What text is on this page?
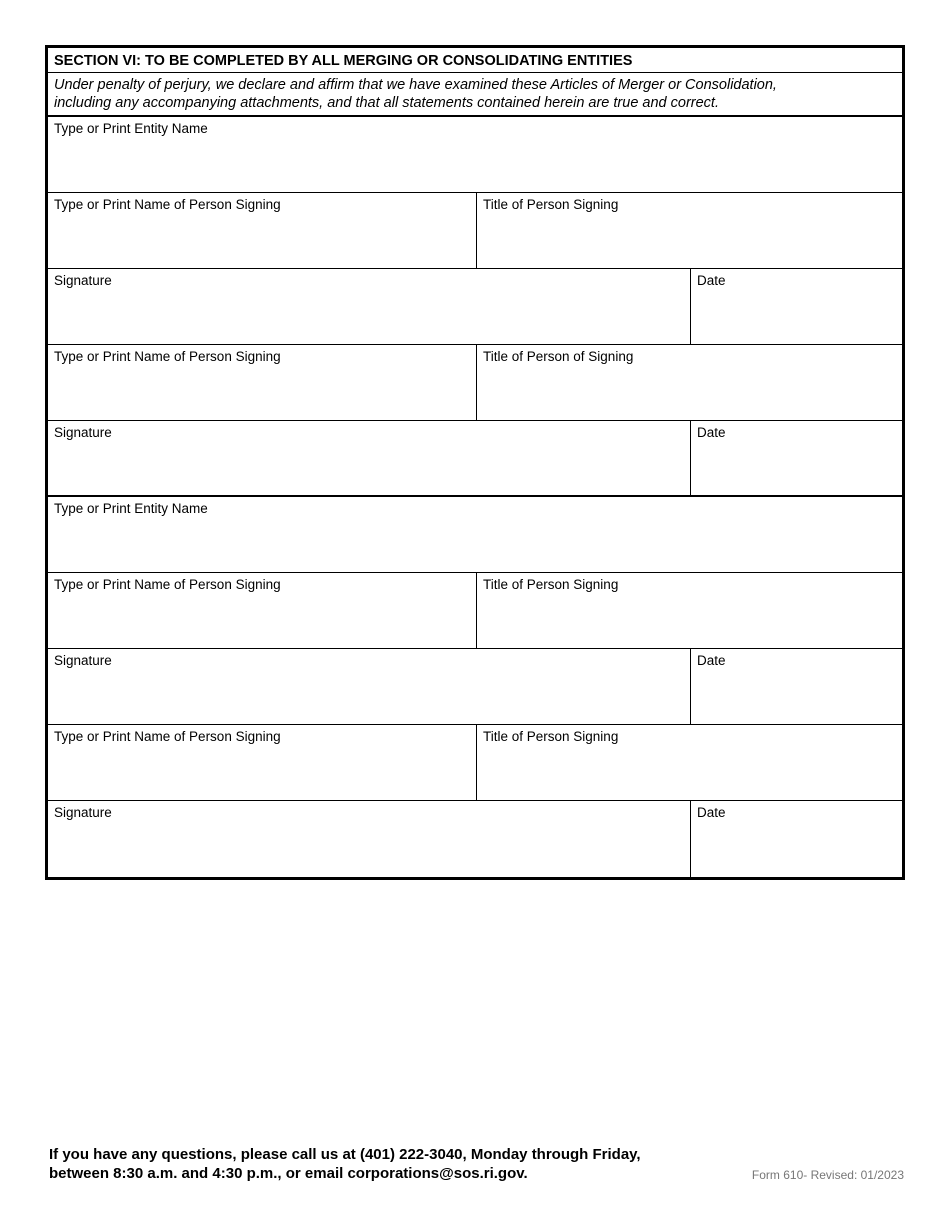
SECTION VI: TO BE COMPLETED BY ALL MERGING OR CONSOLIDATING ENTITIES
Under penalty of perjury, we declare and affirm that we have examined these Articles of Merger or Consolidation,
including any accompanying attachments, and that all statements contained herein are true and correct.
Type or Print Entity Name
Type or Print Name of Person Signing	Title of Person Signing
Signature	Date
Type or Print Name of Person Signing	Title of Person of Signing
Signature	Date
Type or Print Entity Name
Type or Print Name of Person Signing	Title of Person Signing
Signature	Date
Type or Print Name of Person Signing	Title of Person Signing
Signature	Date
If you have any questions, please call us at (401) 222-3040, Monday through Friday,
between 8:30 a.m. and 4:30 p.m., or email corporations@sos.ri.gov.	Form 610- Revised: 01/2023
